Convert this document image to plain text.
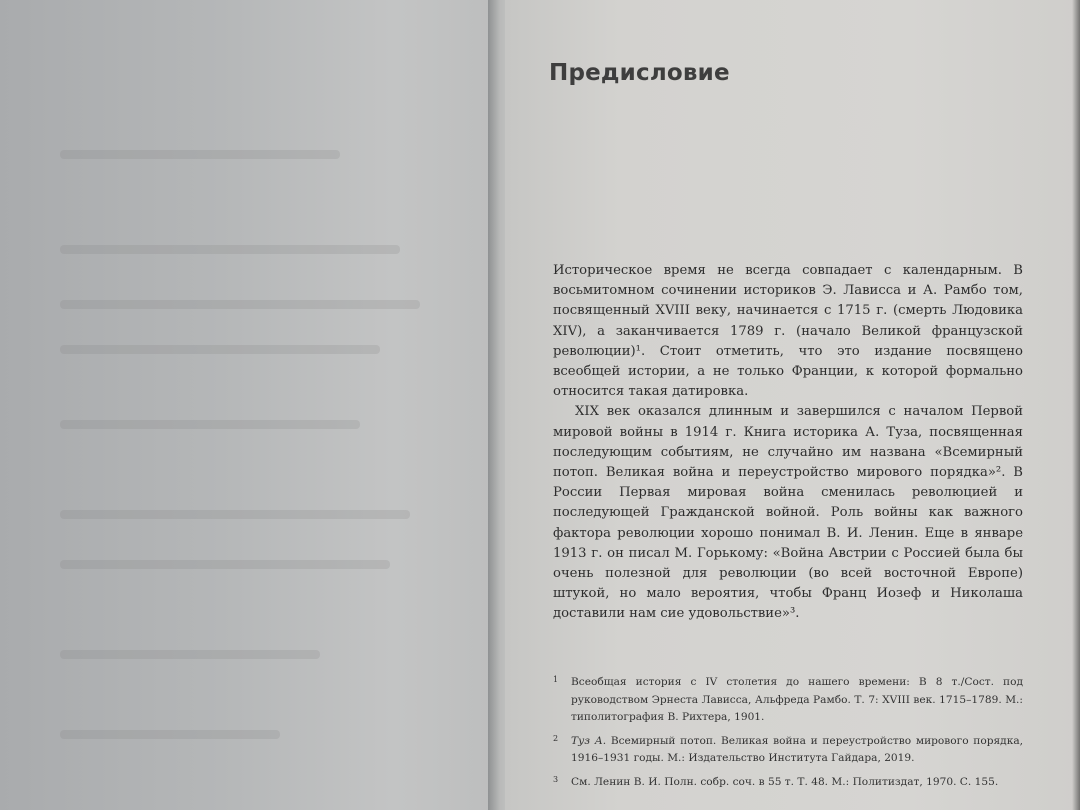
Предисловие

Историческое время не всегда совпадает с календарным. В восьмитомном сочинении историков Э. Лависса и А. Рамбо том, посвященный XVIII веку, начинается с 1715 г. (смерть Людовика XIV), а заканчивается 1789 г. (начало Великой французской революции)¹. Стоит отметить, что это издание посвящено всеобщей истории, а не только Франции, к которой формально относится такая датировка.

XIX век оказался длинным и завершился с началом Первой мировой войны в 1914 г. Книга историка А. Туза, посвященная последующим событиям, не случайно им названа «Всемирный потоп. Великая война и переустройство мирового порядка»². В России Первая мировая война сменилась революцией и последующей Гражданской войной. Роль войны как важного фактора революции хорошо понимал В. И. Ленин. Еще в январе 1913 г. он писал М. Горькому: «Война Австрии с Россией была бы очень полезной для революции (во всей восточной Европе) штукой, но мало вероятия, чтобы Франц Иозеф и Николаша доставили нам сие удовольствие»³.

1 Всеобщая история с IV столетия до нашего времени: В 8 т./Сост. под руководством Эрнеста Лависса, Альфреда Рамбо. Т. 7: XVIII век. 1715–1789. М.: типолитография В. Рихтера, 1901.
2 Туз А. Всемирный потоп. Великая война и переустройство мирового порядка, 1916–1931 годы. М.: Издательство Института Гайдара, 2019.
3 См. Ленин В. И. Полн. собр. соч. в 55 т. Т. 48. М.: Политиздат, 1970. С. 155.
